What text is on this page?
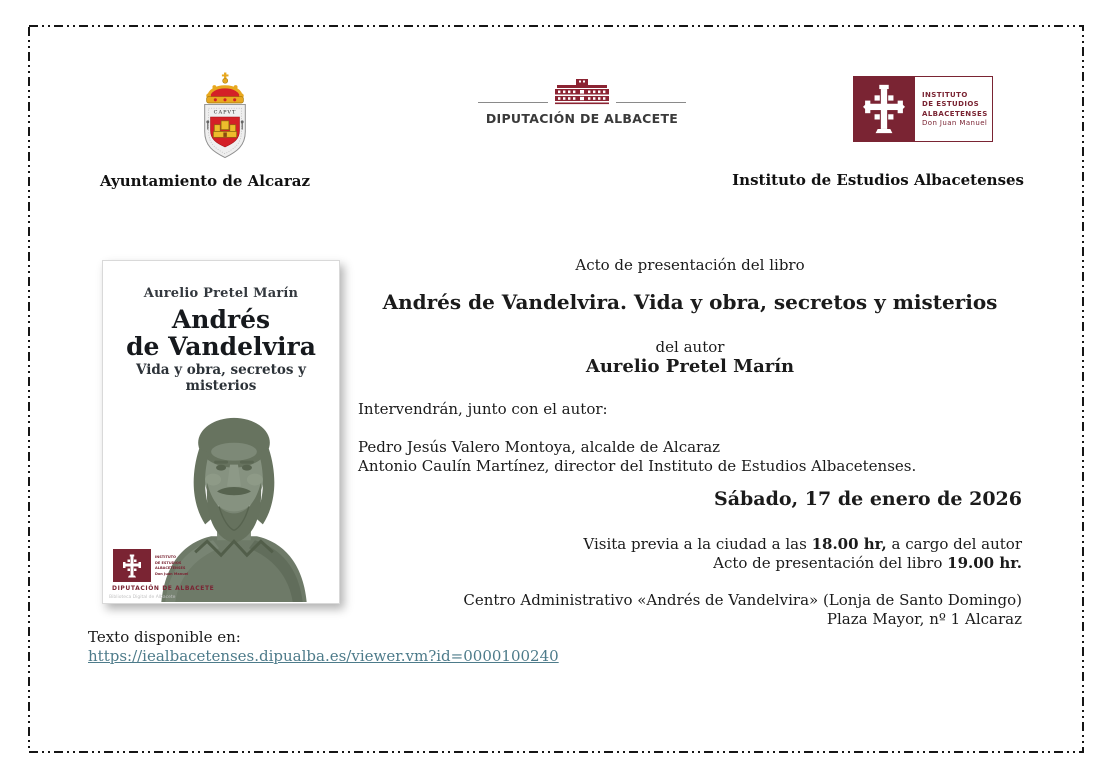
CAPVT
Ayuntamiento de Alcaraz
DIPUTACIÓN DE ALBACETE
INSTITUTO
DE ESTUDIOS
ALBACETENSES
Don Juan Manuel
Instituto de Estudios Albacetenses
Aurelio Pretel Marín
Andrés
de Vandelvira
Vida y obra, secretos y misterios
INSTITUTO
DE ESTUDIOS
ALBACETENSES
Don Juan Manuel
DIPUTACIÓN DE ALBACETE
Biblioteca Digital de Albacete
Acto de presentación del libro
Andrés de Vandelvira. Vida y obra, secretos y misterios
del autor
Aurelio Pretel Marín
Intervendrán, junto con el autor:
Pedro Jesús Valero Montoya, alcalde de Alcaraz
Antonio Caulín Martínez, director del Instituto de Estudios Albacetenses.
Sábado, 17 de enero de 2026
Visita previa a la ciudad a las 18.00 hr, a cargo del autor
Acto de presentación del libro 19.00 hr.
Centro Administrativo «Andrés de Vandelvira» (Lonja de Santo Domingo)
Plaza Mayor, nº 1 Alcaraz
Texto disponible en:
https://iealbacetenses.dipualba.es/viewer.vm?id=0000100240
